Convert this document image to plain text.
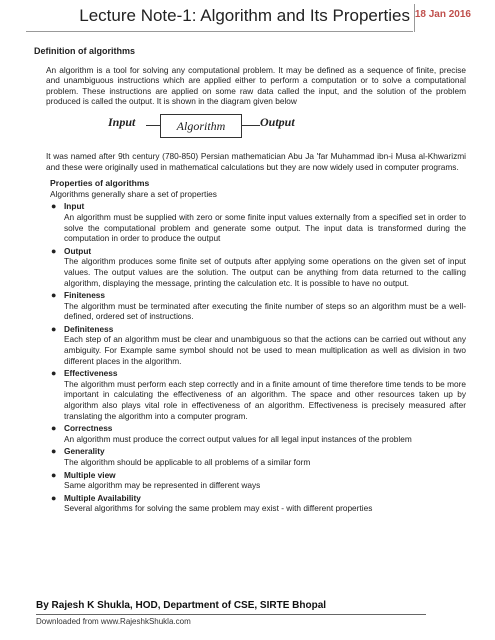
Lecture Note-1: Algorithm and Its Properties 18 Jan 2016
Definition of algorithms

An algorithm is a tool for solving any computational problem. It may be defined as a sequence of finite, precise and unambiguous instructions which are applied either to perform a computation or to solve a computational problem. These instructions are applied on some raw data called the input, and the solution of the problem produced is called the output. It is shown in the diagram given below

Input	Algorithm	Output

It was named after 9th century (780-850) Persian mathematician Abu Ja 'far Muhammad ibn-i Musa al-Khwarizmi and these were originally used in mathematical calculations but they are now widely used in computer programs.

Properties of algorithms
Algorithms generally share a set of properties
● Input
An algorithm must be supplied with zero or some finite input values externally from a specified set in order to solve the computational problem and generate some output. The input data is transformed during the computation in order to produce the output
● Output
The algorithm produces some finite set of outputs after applying some operations on the given set of input values. The output values are the solution. The output can be anything from data returned to the calling algorithm, displaying the message, printing the calculation etc. It is possible to have no output.
● Finiteness
The algorithm must be terminated after executing the finite number of steps so an algorithm must be a well-defined, ordered set of instructions.
● Definiteness
Each step of an algorithm must be clear and unambiguous so that the actions can be carried out without any ambiguity. For Example same symbol should not be used to mean multiplication as well as division in two different places in the algorithm.
● Effectiveness
The algorithm must perform each step correctly and in a finite amount of time therefore time tends to be more important in calculating the effectiveness of an algorithm. The space and other resources taken up by algorithm also plays vital role in effectiveness of an algorithm. Effectiveness is precisely measured after translating the algorithm into a computer program.
● Correctness
An algorithm must produce the correct output values for all legal input instances of the problem
● Generality
The algorithm should be applicable to all problems of a similar form
● Multiple view
Same algorithm may be represented in different ways
● Multiple Availability
Several algorithms for solving the same problem may exist - with different properties
By Rajesh K Shukla, HOD, Department of CSE, SIRTE Bhopal
Downloaded from www.RajeshkShukla.com
